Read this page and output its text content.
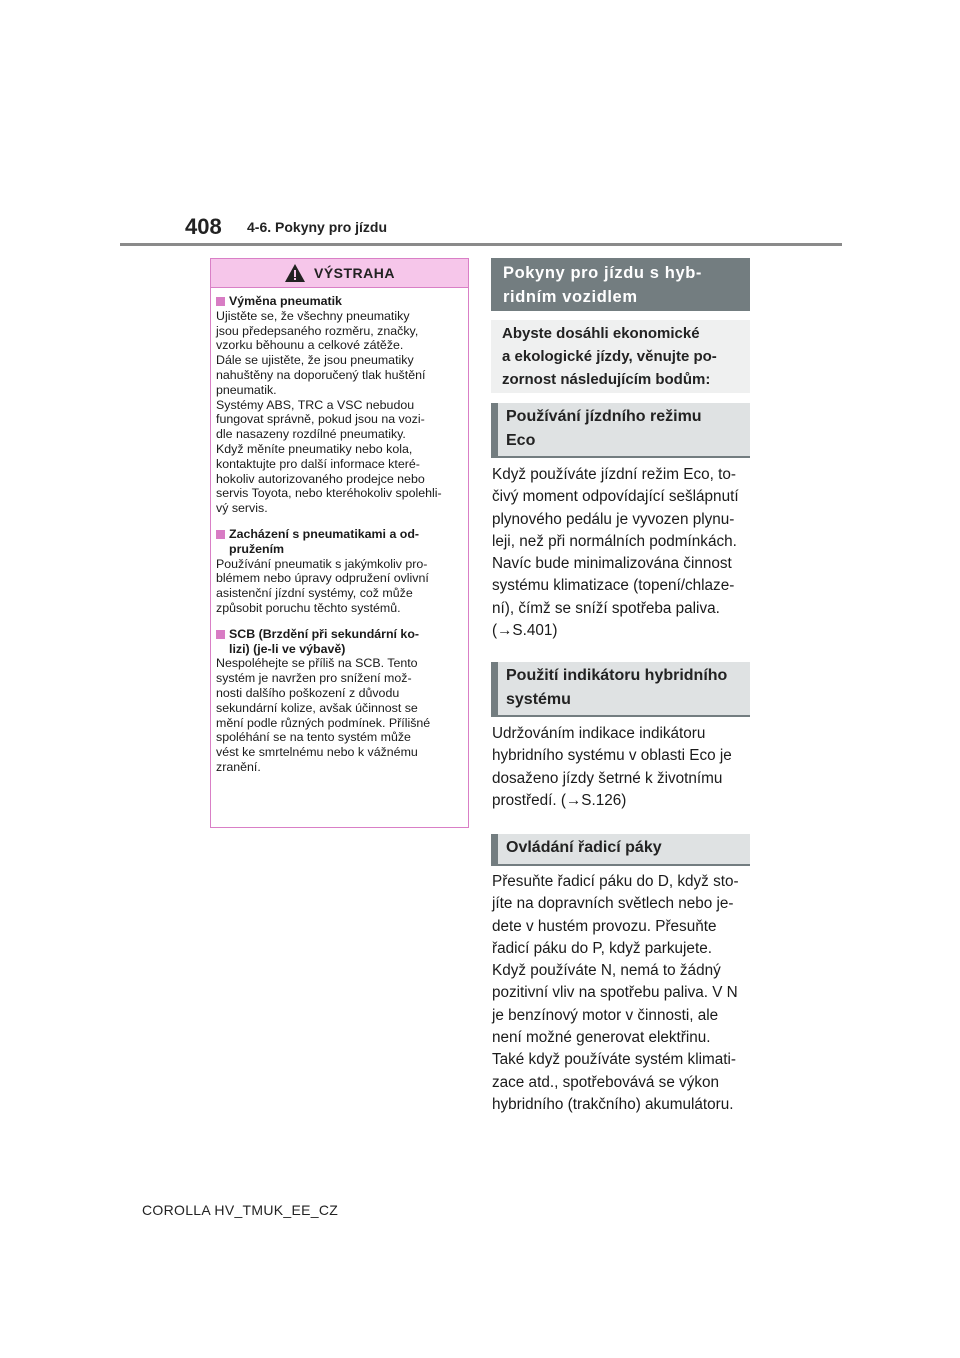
408 4-6. Pokyny pro jízdu
VÝSTRAHA
Výměna pneumatik
Ujistěte se, že všechny pneumatiky
jsou předepsaného rozměru, značky,
vzorku běhounu a celkové zátěže.
Dále se ujistěte, že jsou pneumatiky
nahuštěny na doporučený tlak huštění
pneumatik.
Systémy ABS, TRC a VSC nebudou
fungovat správně, pokud jsou na vozi-
dle nasazeny rozdílné pneumatiky.
Když měníte pneumatiky nebo kola,
kontaktujte pro další informace které-
hokoliv autorizovaného prodejce nebo
servis Toyota, nebo kteréhokoliv spolehli-
vý servis.
Zacházení s pneumatikami a od-
pružením
Používání pneumatik s jakýmkoliv pro-
blémem nebo úpravy odpružení ovlivní
asistenční jízdní systémy, což může
způsobit poruchu těchto systémů.
SCB (Brzdění při sekundární ko-
lizi) (je-li ve výbavě)
Nespoléhejte se příliš na SCB. Tento
systém je navržen pro snížení mož-
nosti dalšího poškození z důvodu
sekundární kolize, avšak účinnost se
mění podle různých podmínek. Přílišné
spoléhání se na tento systém může
vést ke smrtelnému nebo k vážnému
zranění.
Pokyny pro jízdu s hyb-
ridním vozidlem
Abyste dosáhli ekonomické
a ekologické jízdy, věnujte po-
zornost následujícím bodům:
Používání jízdního režimu
Eco
Když používáte jízdní režim Eco, to-
čivý moment odpovídající sešlápnutí
plynového pedálu je vyvozen plynu-
leji, než při normálních podmínkách.
Navíc bude minimalizována činnost
systému klimatizace (topení/chlaze-
ní), čímž se sníží spotřeba paliva.
(→S.401)
Použití indikátoru hybridního
systému
Udržováním indikace indikátoru
hybridního systému v oblasti Eco je
dosaženo jízdy šetrné k životnímu
prostředí. (→S.126)
Ovládání řadicí páky
Přesuňte řadicí páku do D, když sto-
jíte na dopravních světlech nebo je-
dete v hustém provozu. Přesuňte
řadicí páku do P, když parkujete.
Když používáte N, nemá to žádný
pozitivní vliv na spotřebu paliva. V N
je benzínový motor v činnosti, ale
není možné generovat elektřinu.
Také když používáte systém klimati-
zace atd., spotřebovává se výkon
hybridního (trakčního) akumulátoru.
COROLLA HV_TMUK_EE_CZ
